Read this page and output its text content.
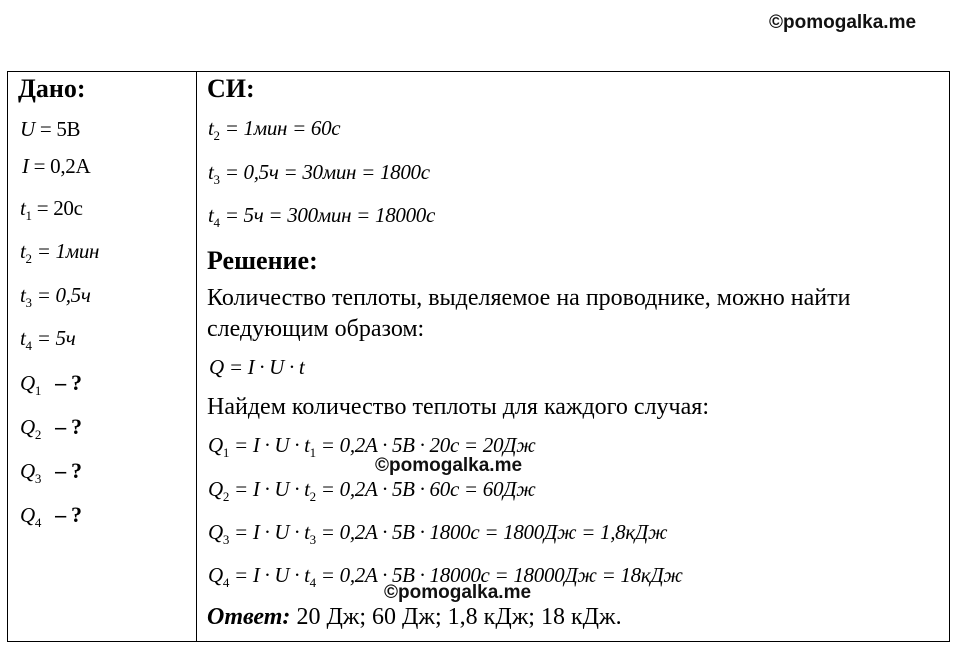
©pomogalka.me
Дано:
U = 5B
I = 0,2A
$t_1 = 20c$
$t_2 = 1мин$
$t_3 = 0,5ч$
$t_4 = 5ч$
$Q_1$ – ?
$Q_2$ – ?
$Q_3$ – ?
$Q_4$ – ?
СИ:
$t_2 = 1мин = 60c$
$t_3 = 0,5ч = 30мин = 1800c$
$t_4 = 5ч = 300мин = 18000c$
Решение:
Количество теплоты, выделяемое на проводнике, можно найти
следующим образом:
Q = I · U · t
Найдем количество теплоты для каждого случая:
$Q_1 = I \cdot U \cdot t_1 = 0,2A \cdot 5B \cdot 20c = 20Дж$
©pomogalka.me
$Q_2 = I \cdot U \cdot t_2 = 0,2A \cdot 5B \cdot 60c = 60Дж$
$Q_3 = I \cdot U \cdot t_3 = 0,2A \cdot 5B \cdot 1800c = 1800Дж = 1,8кДж$
$Q_4 = I \cdot U \cdot t_4 = 0,2A \cdot 5B \cdot 18000c = 18000Дж = 18кДж$
©pomogalka.me
Ответ: 20 Дж; 60 Дж; 1,8 кДж; 18 кДж.
